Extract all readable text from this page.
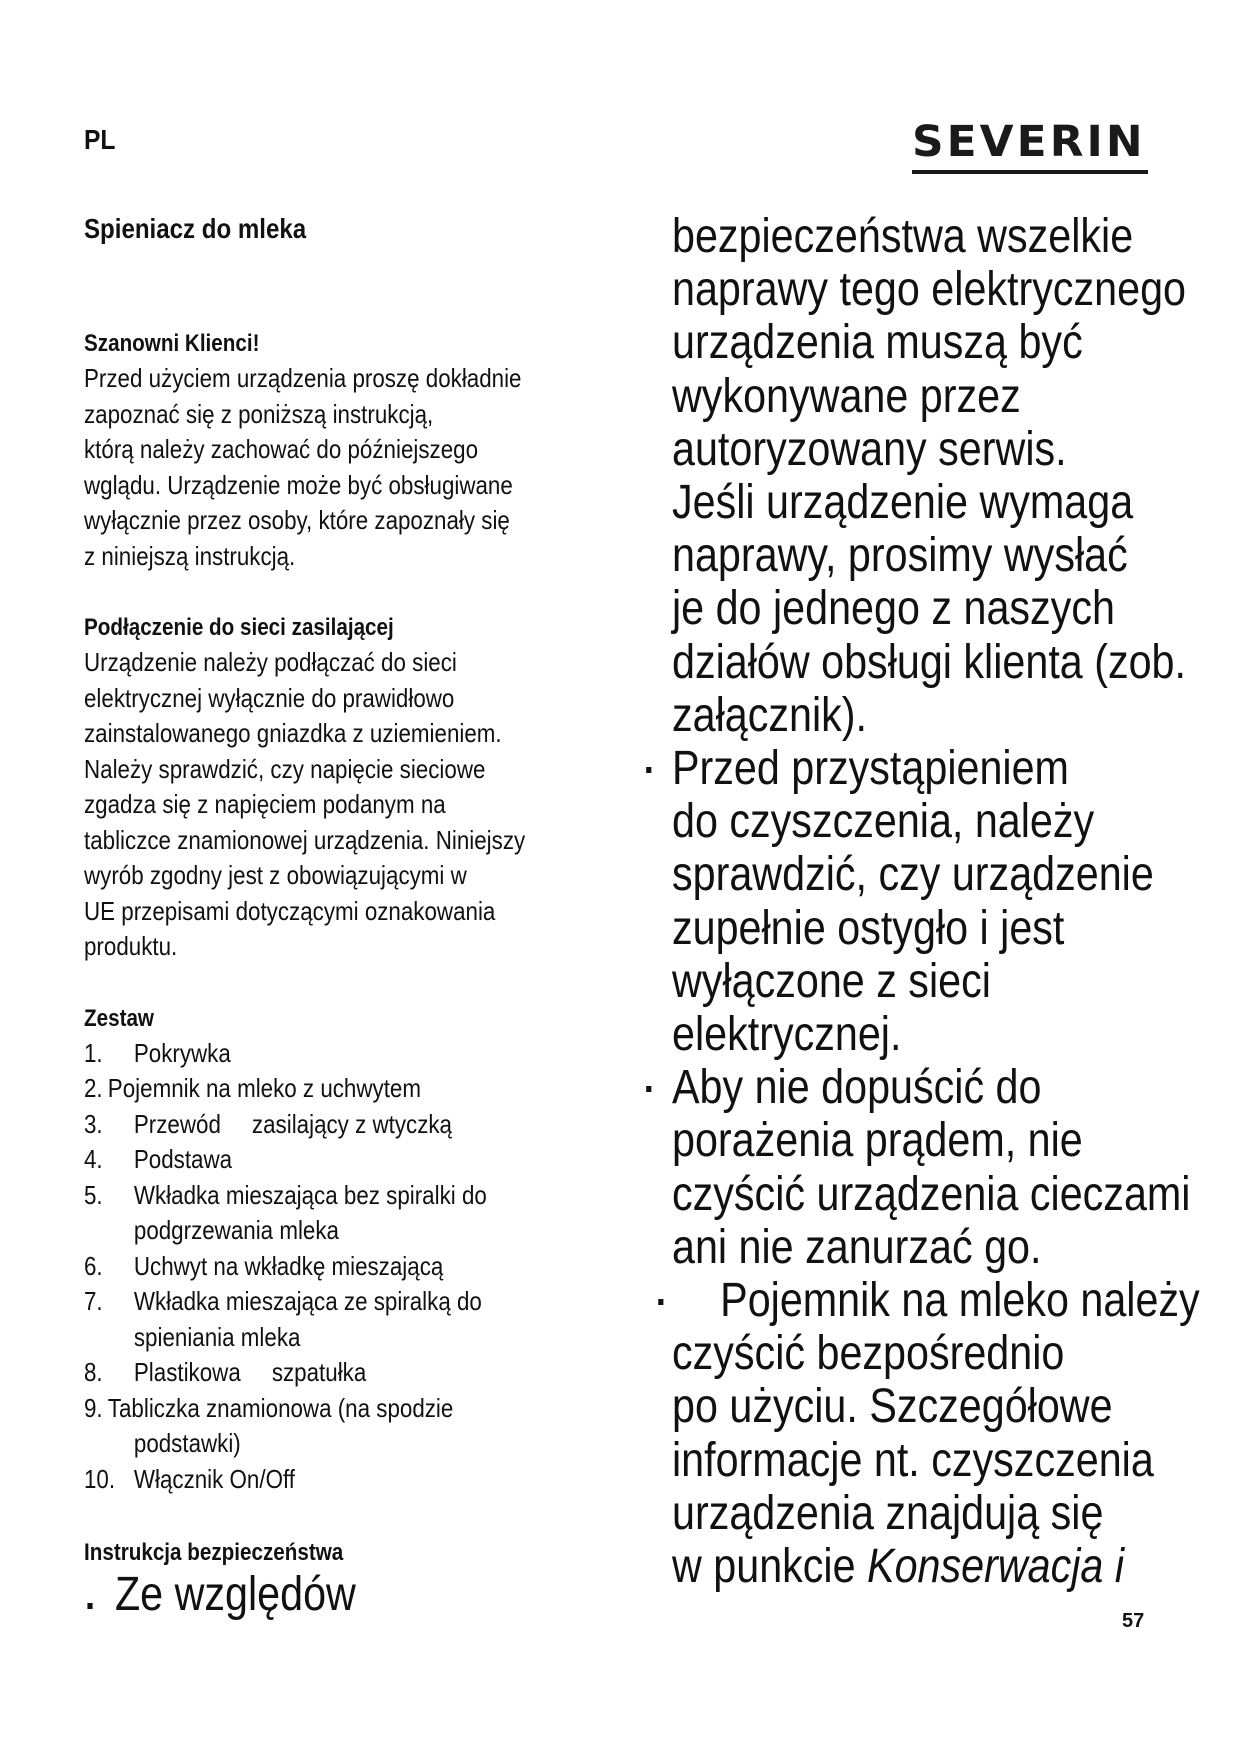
PL	SEVERIN
Spieniacz do mleka
Szanowni Klienci!
Przed użyciem urządzenia proszę dokładnie
zapoznać się z poniższą instrukcją,
którą należy zachować do późniejszego
wglądu. Urządzenie może być obsługiwane
wyłącznie przez osoby, które zapoznały się
z niniejszą instrukcją.
Podłączenie do sieci zasilającej
Urządzenie należy podłączać do sieci
elektrycznej wyłącznie do prawidłowo
zainstalowanego gniazdka z uziemieniem.
Należy sprawdzić, czy napięcie sieciowe
zgadza się z napięciem podanym na
tabliczce znamionowej urządzenia. Niniejszy
wyrób zgodny jest z obowiązującymi w
UE przepisami dotyczącymi oznakowania
produktu.
Zestaw
1. Pokrywka
2. Pojemnik na mleko z uchwytem
3. Przewód     zasilający z wtyczką
4. Podstawa
5. Wkładka mieszająca bez spiralki do
podgrzewania mleka
6. Uchwyt na wkładkę mieszającą
7. Wkładka mieszająca ze spiralką do
spieniania mleka
8. Plastikowa     szpatułka
9. Tabliczka znamionowa (na spodzie
podstawki)
10. Włącznik On/Off
Instrukcja bezpieczeństwa
Ze względów
bezpieczeństwa wszelkie
naprawy tego elektrycznego
urządzenia muszą być
wykonywane przez
autoryzowany serwis.
Jeśli urządzenie wymaga
naprawy, prosimy wysłać
je do jednego z naszych
działów obsługi klienta (zob.
załącznik).
Przed przystąpieniem
do czyszczenia, należy
sprawdzić, czy urządzenie
zupełnie ostygło i jest
wyłączone z sieci
elektrycznej.
Aby nie dopuścić do
porażenia prądem, nie
czyścić urządzenia cieczami
ani nie zanurzać go.
Pojemnik na mleko należy
czyścić bezpośrednio
po użyciu. Szczegółowe
informacje nt. czyszczenia
urządzenia znajdują się
w punkcie Konserwacja i
57
